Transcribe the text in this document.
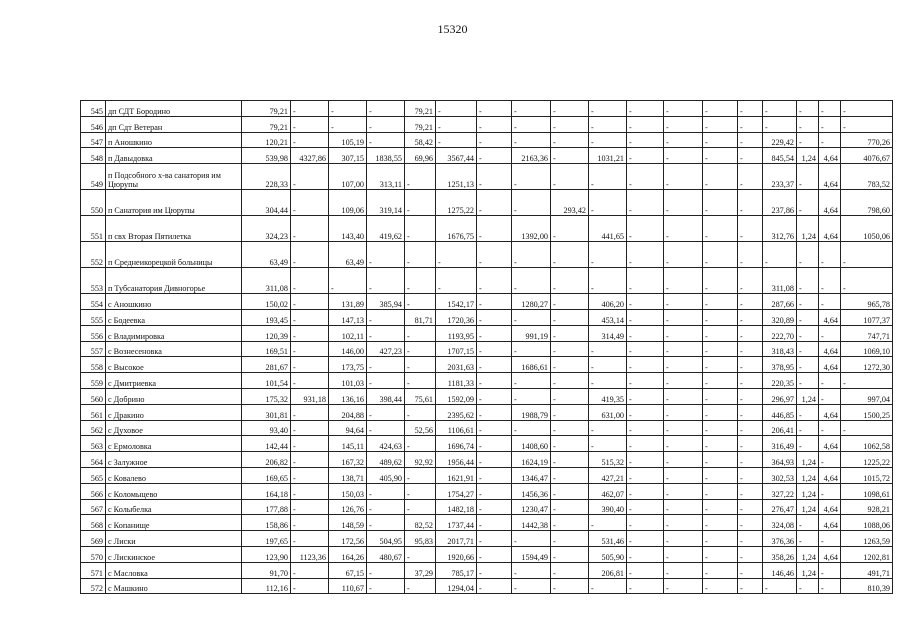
15320
545	дп СДТ Бородино	79,21	-	-	-	79,21	-	-	-	-	-	-	-	-	-	-	-	-	-
546	дп Сдт Ветеран	79,21	-	-	-	79,21	-	-	-	-	-	-	-	-	-	-	-	-	-
547	п Аношкино	120,21	-	105,19	-	58,42	-	-	-	-	-	-	-	-	-	229,42	-	-	770,26
548	п Давыдовка	539,98	4327,86	307,15	1838,55	69,96	3567,44	-	2163,36	-	1031,21	-	-	-	-	845,54	1,24	4,64	4076,67
549	п Подсобного х-ва санатория им Цюрупы	228,33	-	107,00	313,11	-	1251,13	-	-	-	-	-	-	-	-	233,37	-	4,64	783,52
550	п Санатория им Цюрупы	304,44	-	109,06	319,14	-	1275,22	-	-	293,42	-	-	-	-	-	237,86	-	4,64	798,60
551	п свх Вторая Пятилетка	324,23	-	143,40	419,62	-	1676,75	-	1392,00	-	441,65	-	-	-	-	312,76	1,24	4,64	1050,06
552	п Среднеикорецкой больницы	63,49	-	63,49	-	-	-	-	-	-	-	-	-	-	-	-	-	-	-
553	п Тубсанатория Дивногорье	311,08	-	-	-	-	-	-	-	-	-	-	-	-	-	311,08	-	-	-
554	с Аношкино	150,02	-	131,89	385,94	-	1542,17	-	1280,27	-	406,20	-	-	-	-	287,66	-	-	965,78
555	с Бодеевка	193,45	-	147,13	-	81,71	1720,36	-	-	-	453,14	-	-	-	-	320,89	-	4,64	1077,37
556	с Владимировка	120,39	-	102,11	-	-	1193,95	-	991,19	-	314,49	-	-	-	-	222,70	-	-	747,71
557	с Вознесеновка	169,51	-	146,00	427,23	-	1707,15	-	-	-	-	-	-	-	-	318,43	-	4,64	1069,10
558	с Высокое	281,67	-	173,75	-	-	2031,63	-	1686,61	-	-	-	-	-	-	378,95	-	4,64	1272,30
559	с Дмитриевка	101,54	-	101,03	-	-	1181,33	-	-	-	-	-	-	-	-	220,35	-	-	-
560	с Добрино	175,32	931,18	136,16	398,44	75,61	1592,09	-	-	-	419,35	-	-	-	-	296,97	1,24	-	997,04
561	с Дракино	301,81	-	204,88	-	-	2395,62	-	1988,79	-	631,00	-	-	-	-	446,85	-	4,64	1500,25
562	с Духовое	93,40	-	94,64	-	52,56	1106,61	-	-	-	-	-	-	-	-	206,41	-	-	-
563	с Ермоловка	142,44	-	145,11	424,63	-	1696,74	-	1408,60	-	-	-	-	-	-	316,49	-	4,64	1062,58
564	с Залужное	206,82	-	167,32	489,62	92,92	1956,44	-	1624,19	-	515,32	-	-	-	-	364,93	1,24	-	1225,22
565	с Ковалево	169,65	-	138,71	405,90	-	1621,91	-	1346,47	-	427,21	-	-	-	-	302,53	1,24	4,64	1015,72
566	с Коломыцево	164,18	-	150,03	-	-	1754,27	-	1456,36	-	462,07	-	-	-	-	327,22	1,24	-	1098,61
567	с Колыбелка	177,88	-	126,76	-	-	1482,18	-	1230,47	-	390,40	-	-	-	-	276,47	1,24	4,64	928,21
568	с Копанище	158,86	-	148,59	-	82,52	1737,44	-	1442,38	-	-	-	-	-	-	324,08	-	4,64	1088,06
569	с Лиски	197,65	-	172,56	504,95	95,83	2017,71	-	-	-	531,46	-	-	-	-	376,36	-	-	1263,59
570	с Лискинское	123,90	1123,36	164,26	480,67	-	1920,66	-	1594,49	-	505,90	-	-	-	-	358,26	1,24	4,64	1202,81
571	с Масловка	91,70	-	67,15	-	37,29	785,17	-	-	-	206,81	-	-	-	-	146,46	1,24	-	491,71
572	с Машкино	112,16	-	110,67	-	-	1294,04	-	-	-	-	-	-	-	-	-	-	-	810,39
